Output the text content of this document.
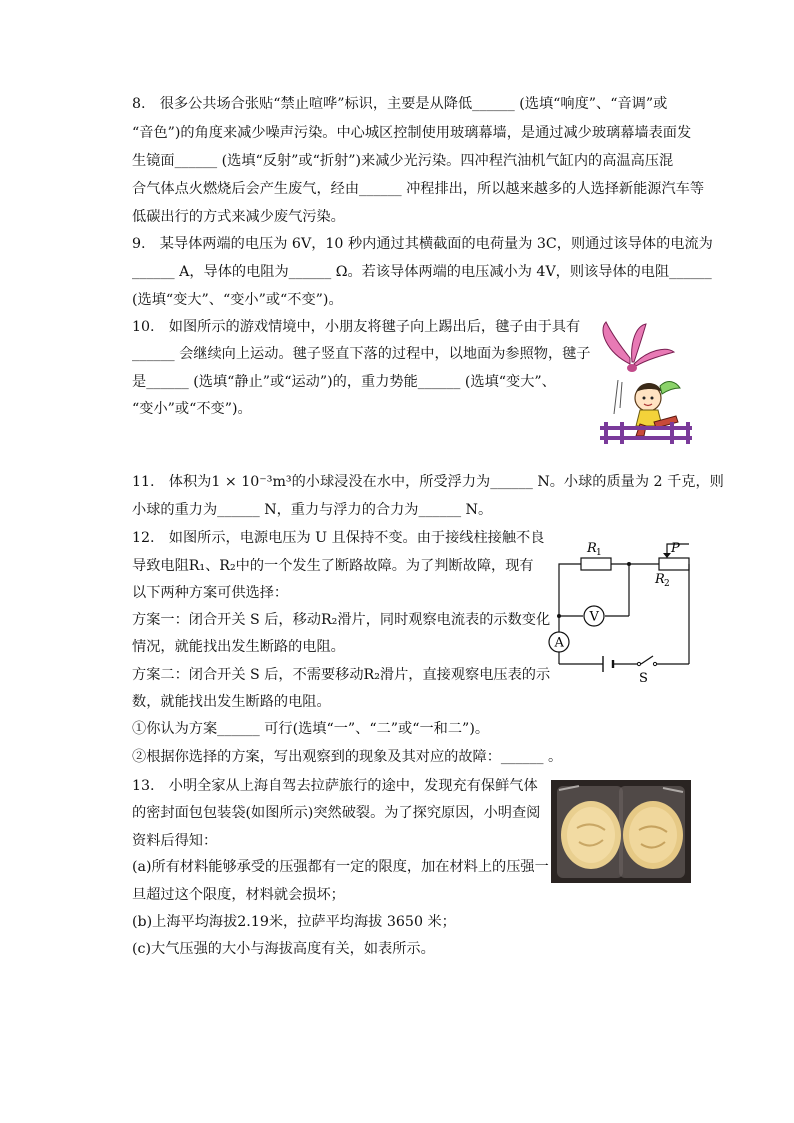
8.　很多公共场合张贴“禁止喧哗”标识，主要是从降低______ (选填“响度”、“音调”或
“音色”)的角度来减少噪声污染。中心城区控制使用玻璃幕墙，是通过减少玻璃幕墙表面发
生镜面______ (选填“反射”或“折射”)来减少光污染。四冲程汽油机气缸内的高温高压混
合气体点火燃烧后会产生废气，经由______ 冲程排出，所以越来越多的人选择新能源汽车等
低碳出行的方式来减少废气污染。
9.　某导体两端的电压为 6V，10 秒内通过其横截面的电荷量为 3C，则通过该导体的电流为
______ A，导体的电阻为______ Ω。若该导体两端的电压减小为 4V，则该导体的电阻______
(选填“变大”、“变小”或“不变”)。
10.　如图所示的游戏情境中，小朋友将毽子向上踢出后，毽子由于具有
______ 会继续向上运动。毽子竖直下落的过程中，以地面为参照物，毽子
是______ (选填“静止”或“运动”)的，重力势能______ (选填“变大”、
“变小”或“不变”)。
11.　体积为1 × 10⁻³m³的小球浸没在水中，所受浮力为______ N。小球的质量为 2 千克，则
小球的重力为______ N，重力与浮力的合力为______ N。
12.　如图所示，电源电压为 U 且保持不变。由于接线柱接触不良
导致电阻R₁、R₂中的一个发生了断路故障。为了判断故障，现有
以下两种方案可供选择：
方案一：闭合开关 S 后，移动R₂滑片，同时观察电流表的示数变化
情况，就能找出发生断路的电阻。
方案二：闭合开关 S 后，不需要移动R₂滑片，直接观察电压表的示
数，就能找出发生断路的电阻。
①你认为方案______ 可行(选填“一”、“二”或“一和二”)。
②根据你选择的方案，写出观察到的现象及其对应的故障：______ 。
V
A
R 1
R 2
P
S
13.　小明全家从上海自驾去拉萨旅行的途中，发现充有保鲜气体
的密封面包包装袋(如图所示)突然破裂。为了探究原因，小明查阅
资料后得知：
(a)所有材料能够承受的压强都有一定的限度，加在材料上的压强一
旦超过这个限度，材料就会损坏；
(b)上海平均海拔2.19米，拉萨平均海拔 3650 米；
(c)大气压强的大小与海拔高度有关，如表所示。
